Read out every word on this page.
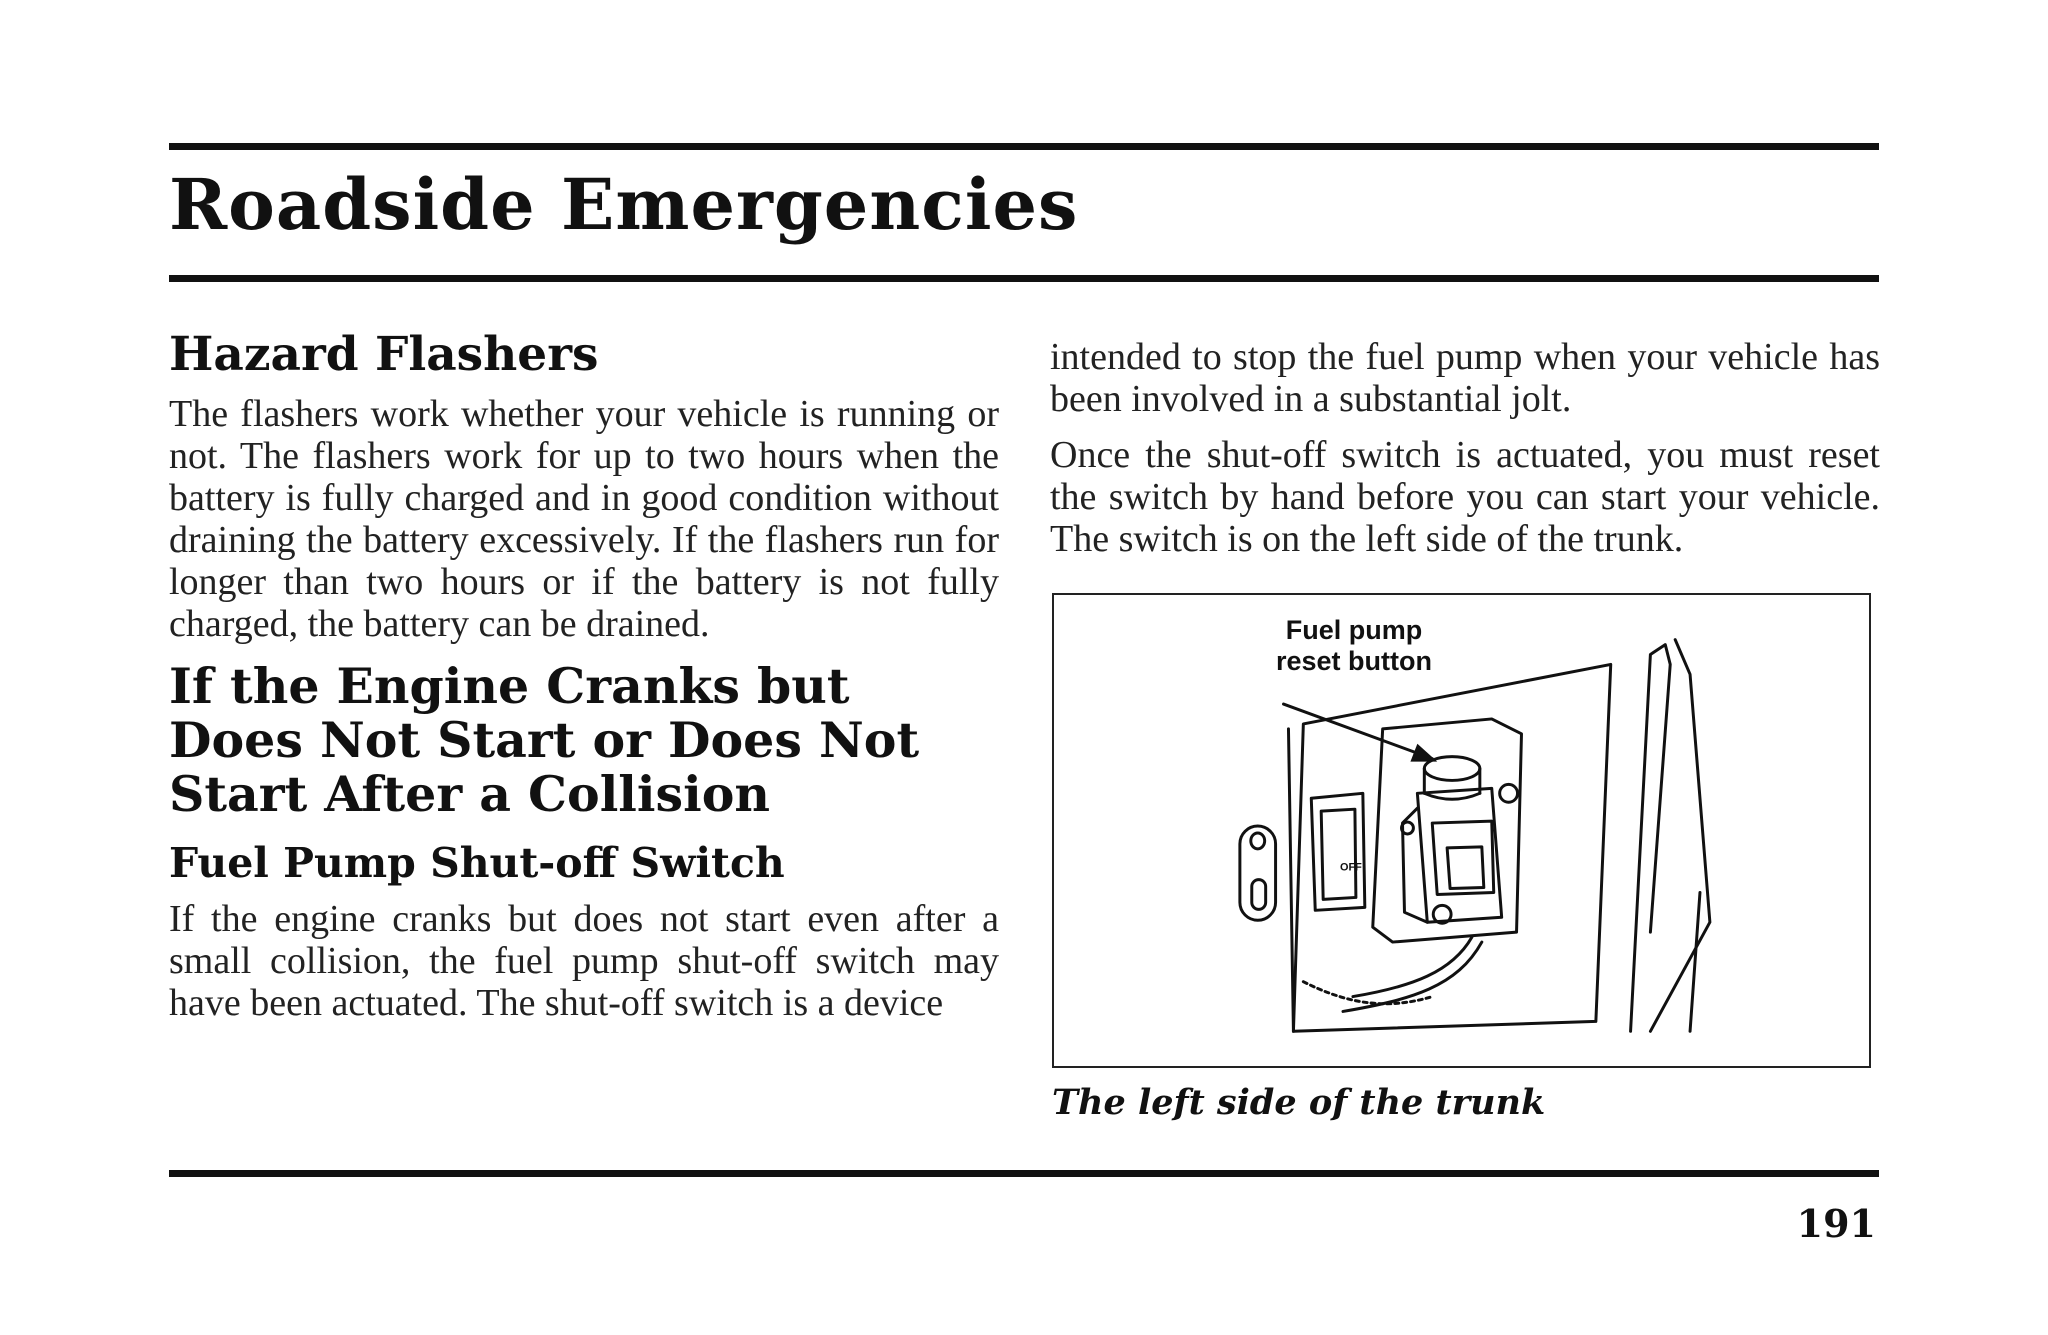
Roadside Emergencies
Hazard Flashers

The flashers work whether your vehicle is running or not. The flashers work for up to two hours when the battery is fully charged and in good condition without draining the battery excessively. If the flashers run for longer than two hours or if the battery is not fully charged, the battery can be drained.

If the Engine Cranks but Does Not Start or Does Not Start After a Collision
Fuel Pump Shut-off Switch

If the engine cranks but does not start even after a small collision, the fuel pump shut-off switch may have been actuated. The shut-off switch is a device

intended to stop the fuel pump when your vehicle has been involved in a substantial jolt.

Once the shut-off switch is actuated, you must reset the switch by hand before you can start your vehicle. The switch is on the left side of the trunk.

OFF
Fuel pump
reset button

The left side of the trunk

191
